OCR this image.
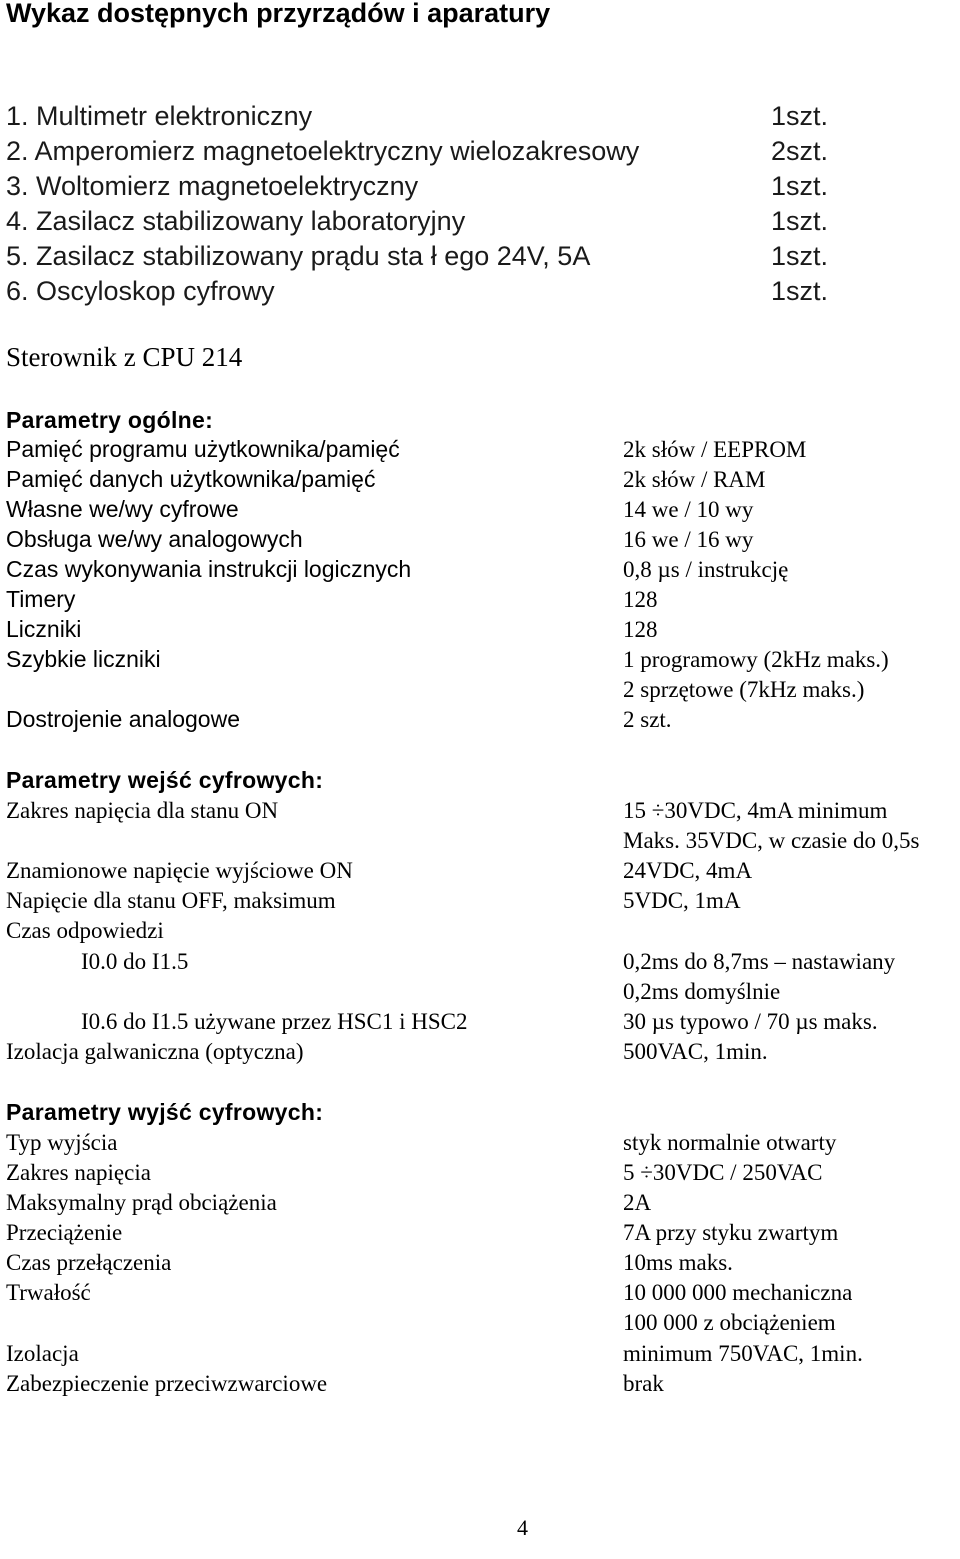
Wykaz dostępnych przyrządów i aparatury
1. Multimetr elektroniczny	1szt.
2. Amperomierz magnetoelektryczny wielozakresowy	2szt.
3. Woltomierz magnetoelektryczny	1szt.
4. Zasilacz stabilizowany laboratoryjny	1szt.
5. Zasilacz stabilizowany prądu sta ł ego 24V, 5A	1szt.
6. Oscyloskop cyfrowy	1szt.
Sterownik z CPU 214
Parametry ogólne:
Pamięć programu użytkownika/pamięć	2k słów / EEPROM
Pamięć danych użytkownika/pamięć	2k słów / RAM
Własne we/wy cyfrowe	14 we / 10 wy
Obsługa we/wy analogowych	16 we / 16 wy
Czas wykonywania instrukcji logicznych	0,8 µs / instrukcję
Timery	128
Liczniki	128
Szybkie liczniki	1 programowy (2kHz maks.)
2 sprzętowe (7kHz maks.)
Dostrojenie analogowe	2 szt.
Parametry wejść cyfrowych:
Zakres napięcia dla stanu ON	15 ÷30VDC, 4mA minimum
Maks. 35VDC, w czasie do 0,5s
Znamionowe napięcie wyjściowe ON	24VDC, 4mA
Napięcie dla stanu OFF, maksimum	5VDC, 1mA
Czas odpowiedzi
I0.0 do I1.5	0,2ms do 8,7ms – nastawiany
0,2ms domyślnie
I0.6 do I1.5 używane przez HSC1 i HSC2	30 µs typowo / 70 µs maks.
Izolacja galwaniczna (optyczna)	500VAC, 1min.
Parametry wyjść cyfrowych:
Typ wyjścia	styk normalnie otwarty
Zakres napięcia	5 ÷30VDC / 250VAC
Maksymalny prąd obciążenia	2A
Przeciążenie	7A przy styku zwartym
Czas przełączenia	10ms maks.
Trwałość	10 000 000 mechaniczna
100 000 z obciążeniem
Izolacja	minimum 750VAC, 1min.
Zabezpieczenie przeciwzwarciowe	brak
4
